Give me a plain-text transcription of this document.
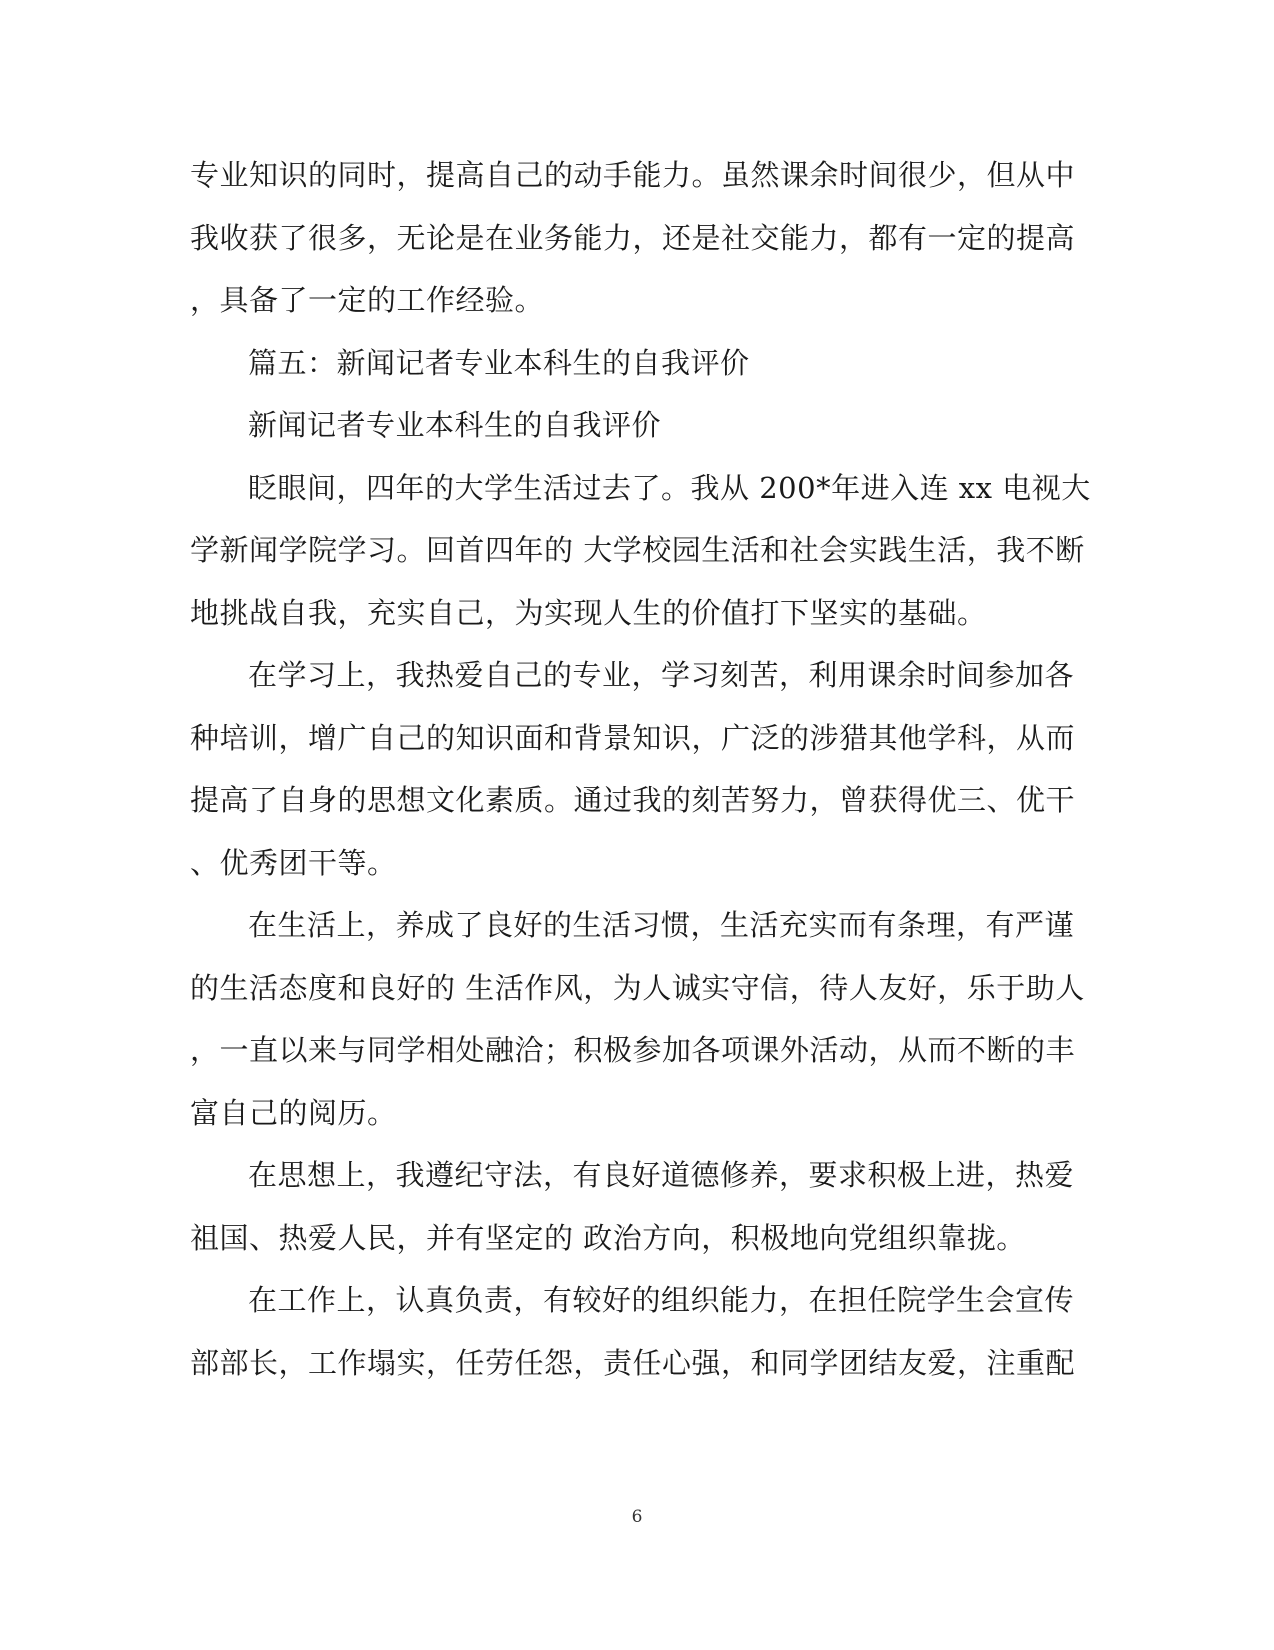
专业知识的同时，提高自己的动手能力。虽然课余时间很少，但从中
我收获了很多，无论是在业务能力，还是社交能力，都有一定的提高
，具备了一定的工作经验。
篇五：新闻记者专业本科生的自我评价
新闻记者专业本科生的自我评价
眨眼间，四年的大学生活过去了。我从 200*年进入连 xx 电视大
学新闻学院学习。回首四年的 大学校园生活和社会实践生活，我不断
地挑战自我，充实自己，为实现人生的价值打下坚实的基础。
在学习上，我热爱自己的专业，学习刻苦，利用课余时间参加各
种培训，增广自己的知识面和背景知识，广泛的涉猎其他学科，从而
提高了自身的思想文化素质。通过我的刻苦努力，曾获得优三、优干
、优秀团干等。
在生活上，养成了良好的生活习惯，生活充实而有条理，有严谨
的生活态度和良好的 生活作风，为人诚实守信，待人友好，乐于助人
，一直以来与同学相处融洽；积极参加各项课外活动，从而不断的丰
富自己的阅历。
在思想上，我遵纪守法，有良好道德修养，要求积极上进，热爱
祖国、热爱人民，并有坚定的 政治方向，积极地向党组织靠拢。
在工作上，认真负责，有较好的组织能力，在担任院学生会宣传
部部长，工作塌实，任劳任怨，责任心强，和同学团结友爱，注重配
6
